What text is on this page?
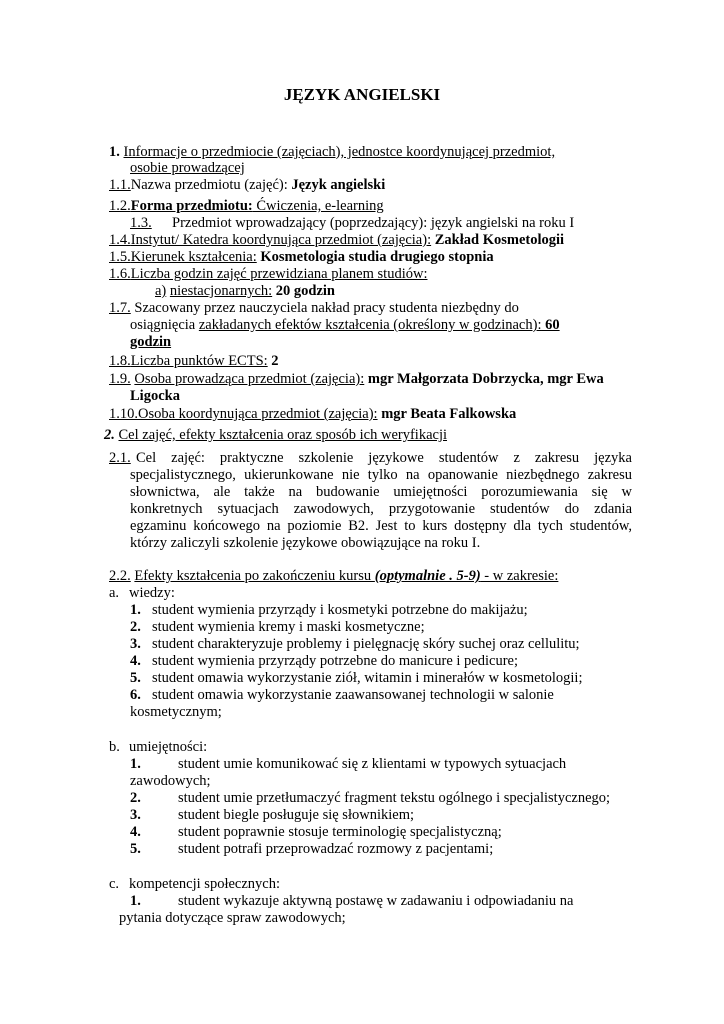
JĘZYK ANGIELSKI
1. Informacje o przedmiocie (zajęciach), jednostce koordynującej przedmiot,
osobie prowadzącej
1.1.Nazwa przedmiotu (zajęć): Język angielski
1.2.Forma przedmiotu: Ćwiczenia, e-learning
1.3. Przedmiot wprowadzający (poprzedzający): język angielski na roku I
1.4.Instytut/ Katedra koordynująca przedmiot (zajęcia): Zakład Kosmetologii
1.5.Kierunek kształcenia: Kosmetologia studia drugiego stopnia
1.6.Liczba godzin zajęć przewidziana planem studiów:
a) niestacjonarnych: 20 godzin
1.7. Szacowany przez nauczyciela nakład pracy studenta niezbędny do
osiągnięcia zakładanych efektów kształcenia (określony w godzinach): 60
godzin
1.8.Liczba punktów ECTS: 2
1.9. Osoba prowadząca przedmiot (zajęcia): mgr Małgorzata Dobrzycka, mgr Ewa
Ligocka
1.10.Osoba koordynująca przedmiot (zajęcia): mgr Beata Falkowska
2. Cel zajęć, efekty kształcenia oraz sposób ich weryfikacji
2.1. Cel zajęć: praktyczne szkolenie językowe studentów z zakresu języka
specjalistycznego, ukierunkowane nie tylko na opanowanie niezbędnego zakresu
słownictwa, ale także na budowanie umiejętności porozumiewania się w
konkretnych sytuacjach zawodowych, przygotowanie studentów do zdania
egzaminu końcowego na poziomie B2. Jest to kurs dostępny dla tych studentów,
którzy zaliczyli szkolenie językowe obowiązujące na roku I.
2.2. Efekty kształcenia po zakończeniu kursu (optymalnie . 5-9) - w zakresie:
a. wiedzy:
1. student wymienia przyrządy i kosmetyki potrzebne do makijażu;
2. student wymienia kremy i maski kosmetyczne;
3. student charakteryzuje problemy i pielęgnację skóry suchej oraz cellulitu;
4. student wymienia przyrządy potrzebne do manicure i pedicure;
5. student omawia wykorzystanie ziół, witamin i minerałów w kosmetologii;
6. student omawia wykorzystanie zaawansowanej technologii w salonie
kosmetycznym;
b. umiejętności:
1.	student umie komunikować się z klientami w typowych sytuacjach
zawodowych;
2.	student umie przetłumaczyć fragment tekstu ogólnego i specjalistycznego;
3.	student biegle posługuje się słownikiem;
4.	student poprawnie stosuje terminologię specjalistyczną;
5.	student potrafi przeprowadzać rozmowy z pacjentami;
c. kompetencji społecznych:
1.	student wykazuje aktywną postawę w zadawaniu i odpowiadaniu na
pytania dotyczące spraw zawodowych;
